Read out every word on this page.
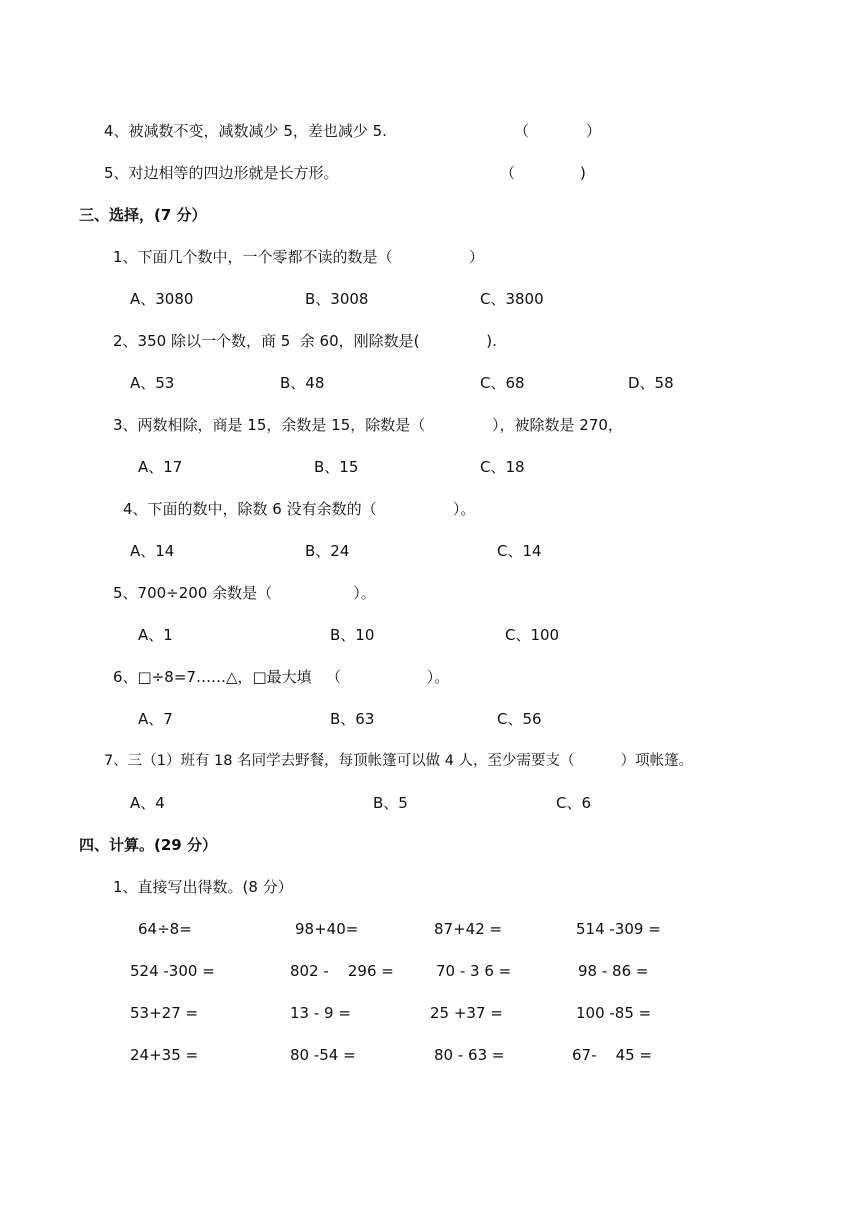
4、被减数不变，减数减少 5，差也减少 5.	（	）
5、对边相等的四边形就是长方形。	（	)
三、选择，(7 分）
1、下面几个数中，一个零都不读的数是（                ）
A、3080	B、3008	C、3800
2、350 除以一个数，商 5  余 60，刚除数是(              ).
A、53	B、48	C、68	D、58
3、两数相除，商是 15，余数是 15，除数是（              ），被除数是 270，
A、17	B、15	C、18
4、下面的数中，除数 6 没有余数的（                ）。
A、14	B、24	C、14
5、700÷200 余数是（                 ）。
A、1	B、10	C、100
6、□÷8=7……△，□最大填   （                  ）。
A、7	B、63	C、56
7、三（1）班有 18 名同学去野餐，每顶帐篷可以做 4 人，至少需要支（          ）项帐篷。
A、4	B、5	C、6
四、计算。(29 分）
1、直接写出得数。(8 分）
64÷8=	98+40=	87+42 =	514 -309 =
524 -300 =	802 -    296 =	70 - 3 6 =	98 - 86 =
53+27 =	13 - 9 =	25 +37 =	100 -85 =
24+35 =	80 -54 =	80 - 63 =	67-    45 =
